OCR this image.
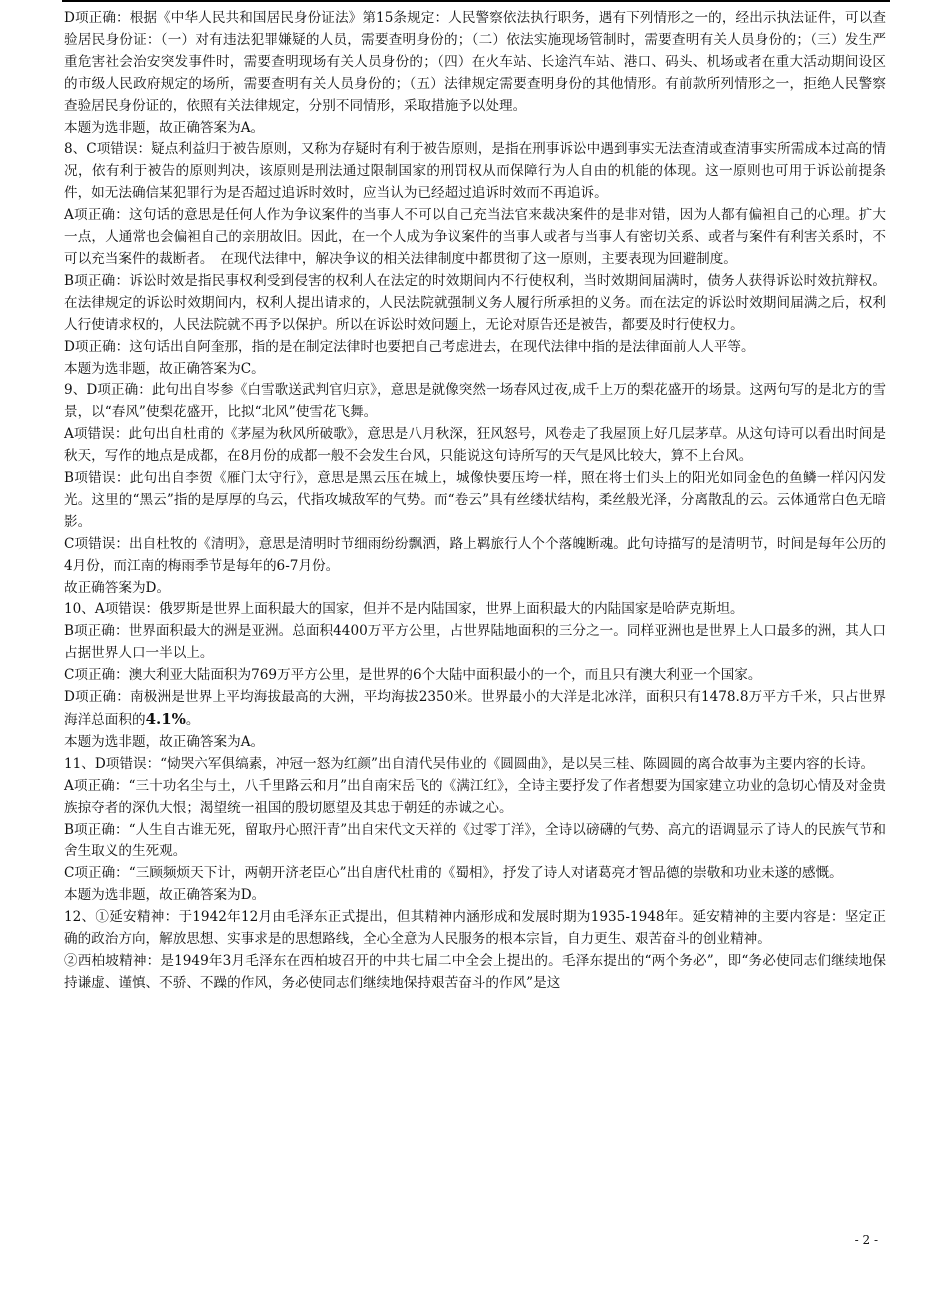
D项正确：根据《中华人民共和国居民身份证法》第15条规定：人民警察依法执行职务，遇有下列情形之一的，经出示执法证件，可以查验居民身份证：（一）对有违法犯罪嫌疑的人员，需要查明身份的；（二）依法实施现场管制时，需要查明有关人员身份的；（三）发生严重危害社会治安突发事件时，需要查明现场有关人员身份的；（四）在火车站、长途汽车站、港口、码头、机场或者在重大活动期间设区的市级人民政府规定的场所，需要查明有关人员身份的；（五）法律规定需要查明身份的其他情形。有前款所列情形之一，拒绝人民警察查验居民身份证的，依照有关法律规定，分别不同情形，采取措施予以处理。

本题为选非题，故正确答案为A。

8、C项错误：疑点利益归于被告原则，又称为存疑时有利于被告原则，是指在刑事诉讼中遇到事实无法查清或查清事实所需成本过高的情况，依有利于被告的原则判决，该原则是刑法通过限制国家的刑罚权从而保障行为人自由的机能的体现。这一原则也可用于诉讼前提条件，如无法确信某犯罪行为是否超过追诉时效时，应当认为已经超过追诉时效而不再追诉。

A项正确：这句话的意思是任何人作为争议案件的当事人不可以自己充当法官来裁决案件的是非对错，因为人都有偏袒自己的心理。扩大一点，人通常也会偏袒自己的亲朋故旧。因此，在一个人成为争议案件的当事人或者与当事人有密切关系、或者与案件有利害关系时，不可以充当案件的裁断者。　在现代法律中，解决争议的相关法律制度中都贯彻了这一原则，主要表现为回避制度。

B项正确：诉讼时效是指民事权利受到侵害的权利人在法定的时效期间内不行使权利，当时效期间届满时，债务人获得诉讼时效抗辩权。在法律规定的诉讼时效期间内，权利人提出请求的，人民法院就强制义务人履行所承担的义务。而在法定的诉讼时效期间届满之后，权利人行使请求权的，人民法院就不再予以保护。所以在诉讼时效问题上，无论对原告还是被告，都要及时行使权力。

D项正确：这句话出自阿奎那，指的是在制定法律时也要把自己考虑进去，在现代法律中指的是法律面前人人平等。

本题为选非题，故正确答案为C。

9、D项正确：此句出自岑参《白雪歌送武判官归京》，意思是就像突然一场春风过夜,成千上万的梨花盛开的场景。这两句写的是北方的雪景，以“春风”使梨花盛开，比拟“北风”使雪花飞舞。

A项错误：此句出自杜甫的《茅屋为秋风所破歌》，意思是八月秋深，狂风怒号，风卷走了我屋顶上好几层茅草。从这句诗可以看出时间是秋天，写作的地点是成都，在8月份的成都一般不会发生台风，只能说这句诗所写的天气是风比较大，算不上台风。

B项错误：此句出自李贺《雁门太守行》，意思是黑云压在城上，城像快要压垮一样，照在将士们头上的阳光如同金色的鱼鳞一样闪闪发光。这里的“黑云”指的是厚厚的乌云，代指攻城敌军的气势。而“卷云”具有丝缕状结构，柔丝般光泽，分离散乱的云。云体通常白色无暗影。

C项错误：出自杜牧的《清明》，意思是清明时节细雨纷纷飘洒，路上羁旅行人个个落魄断魂。此句诗描写的是清明节，时间是每年公历的4月份，而江南的梅雨季节是每年的6-7月份。

故正确答案为D。

10、A项错误：俄罗斯是世界上面积最大的国家，但并不是内陆国家，世界上面积最大的内陆国家是哈萨克斯坦。

B项正确：世界面积最大的洲是亚洲。总面积4400万平方公里，占世界陆地面积的三分之一。同样亚洲也是世界上人口最多的洲，其人口占据世界人口一半以上。

C项正确：澳大利亚大陆面积为769万平方公里，是世界的6个大陆中面积最小的一个，而且只有澳大利亚一个国家。

D项正确：南极洲是世界上平均海拔最高的大洲，平均海拔2350米。世界最小的大洋是北冰洋，面积只有1478.8万平方千米，只占世界海洋总面积的4.1%。

本题为选非题，故正确答案为A。

11、D项错误：“恸哭六军俱缟素，冲冠一怒为红颜”出自清代吴伟业的《圆圆曲》，是以吴三桂、陈圆圆的离合故事为主要内容的长诗。

A项正确：“三十功名尘与土，八千里路云和月”出自南宋岳飞的《满江红》，全诗主要抒发了作者想要为国家建立功业的急切心情及对金贵族掠夺者的深仇大恨；渴望统一祖国的殷切愿望及其忠于朝廷的赤诚之心。

B项正确：“人生自古谁无死，留取丹心照汗青”出自宋代文天祥的《过零丁洋》，全诗以磅礴的气势、高亢的语调显示了诗人的民族气节和舍生取义的生死观。

C项正确：“三顾频烦天下计，两朝开济老臣心”出自唐代杜甫的《蜀相》，抒发了诗人对诸葛亮才智品德的崇敬和功业未遂的感慨。

本题为选非题，故正确答案为D。

12、①延安精神：于1942年12月由毛泽东正式提出，但其精神内涵形成和发展时期为1935-1948年。延安精神的主要内容是：坚定正确的政治方向，解放思想、实事求是的思想路线，全心全意为人民服务的根本宗旨，自力更生、艰苦奋斗的创业精神。

②西柏坡精神：是1949年3月毛泽东在西柏坡召开的中共七届二中全会上提出的。毛泽东提出的“两个务必”，即“务必使同志们继续地保持谦虚、谨慎、不骄、不躁的作风，务必使同志们继续地保持艰苦奋斗的作风”是这

- 2 -
